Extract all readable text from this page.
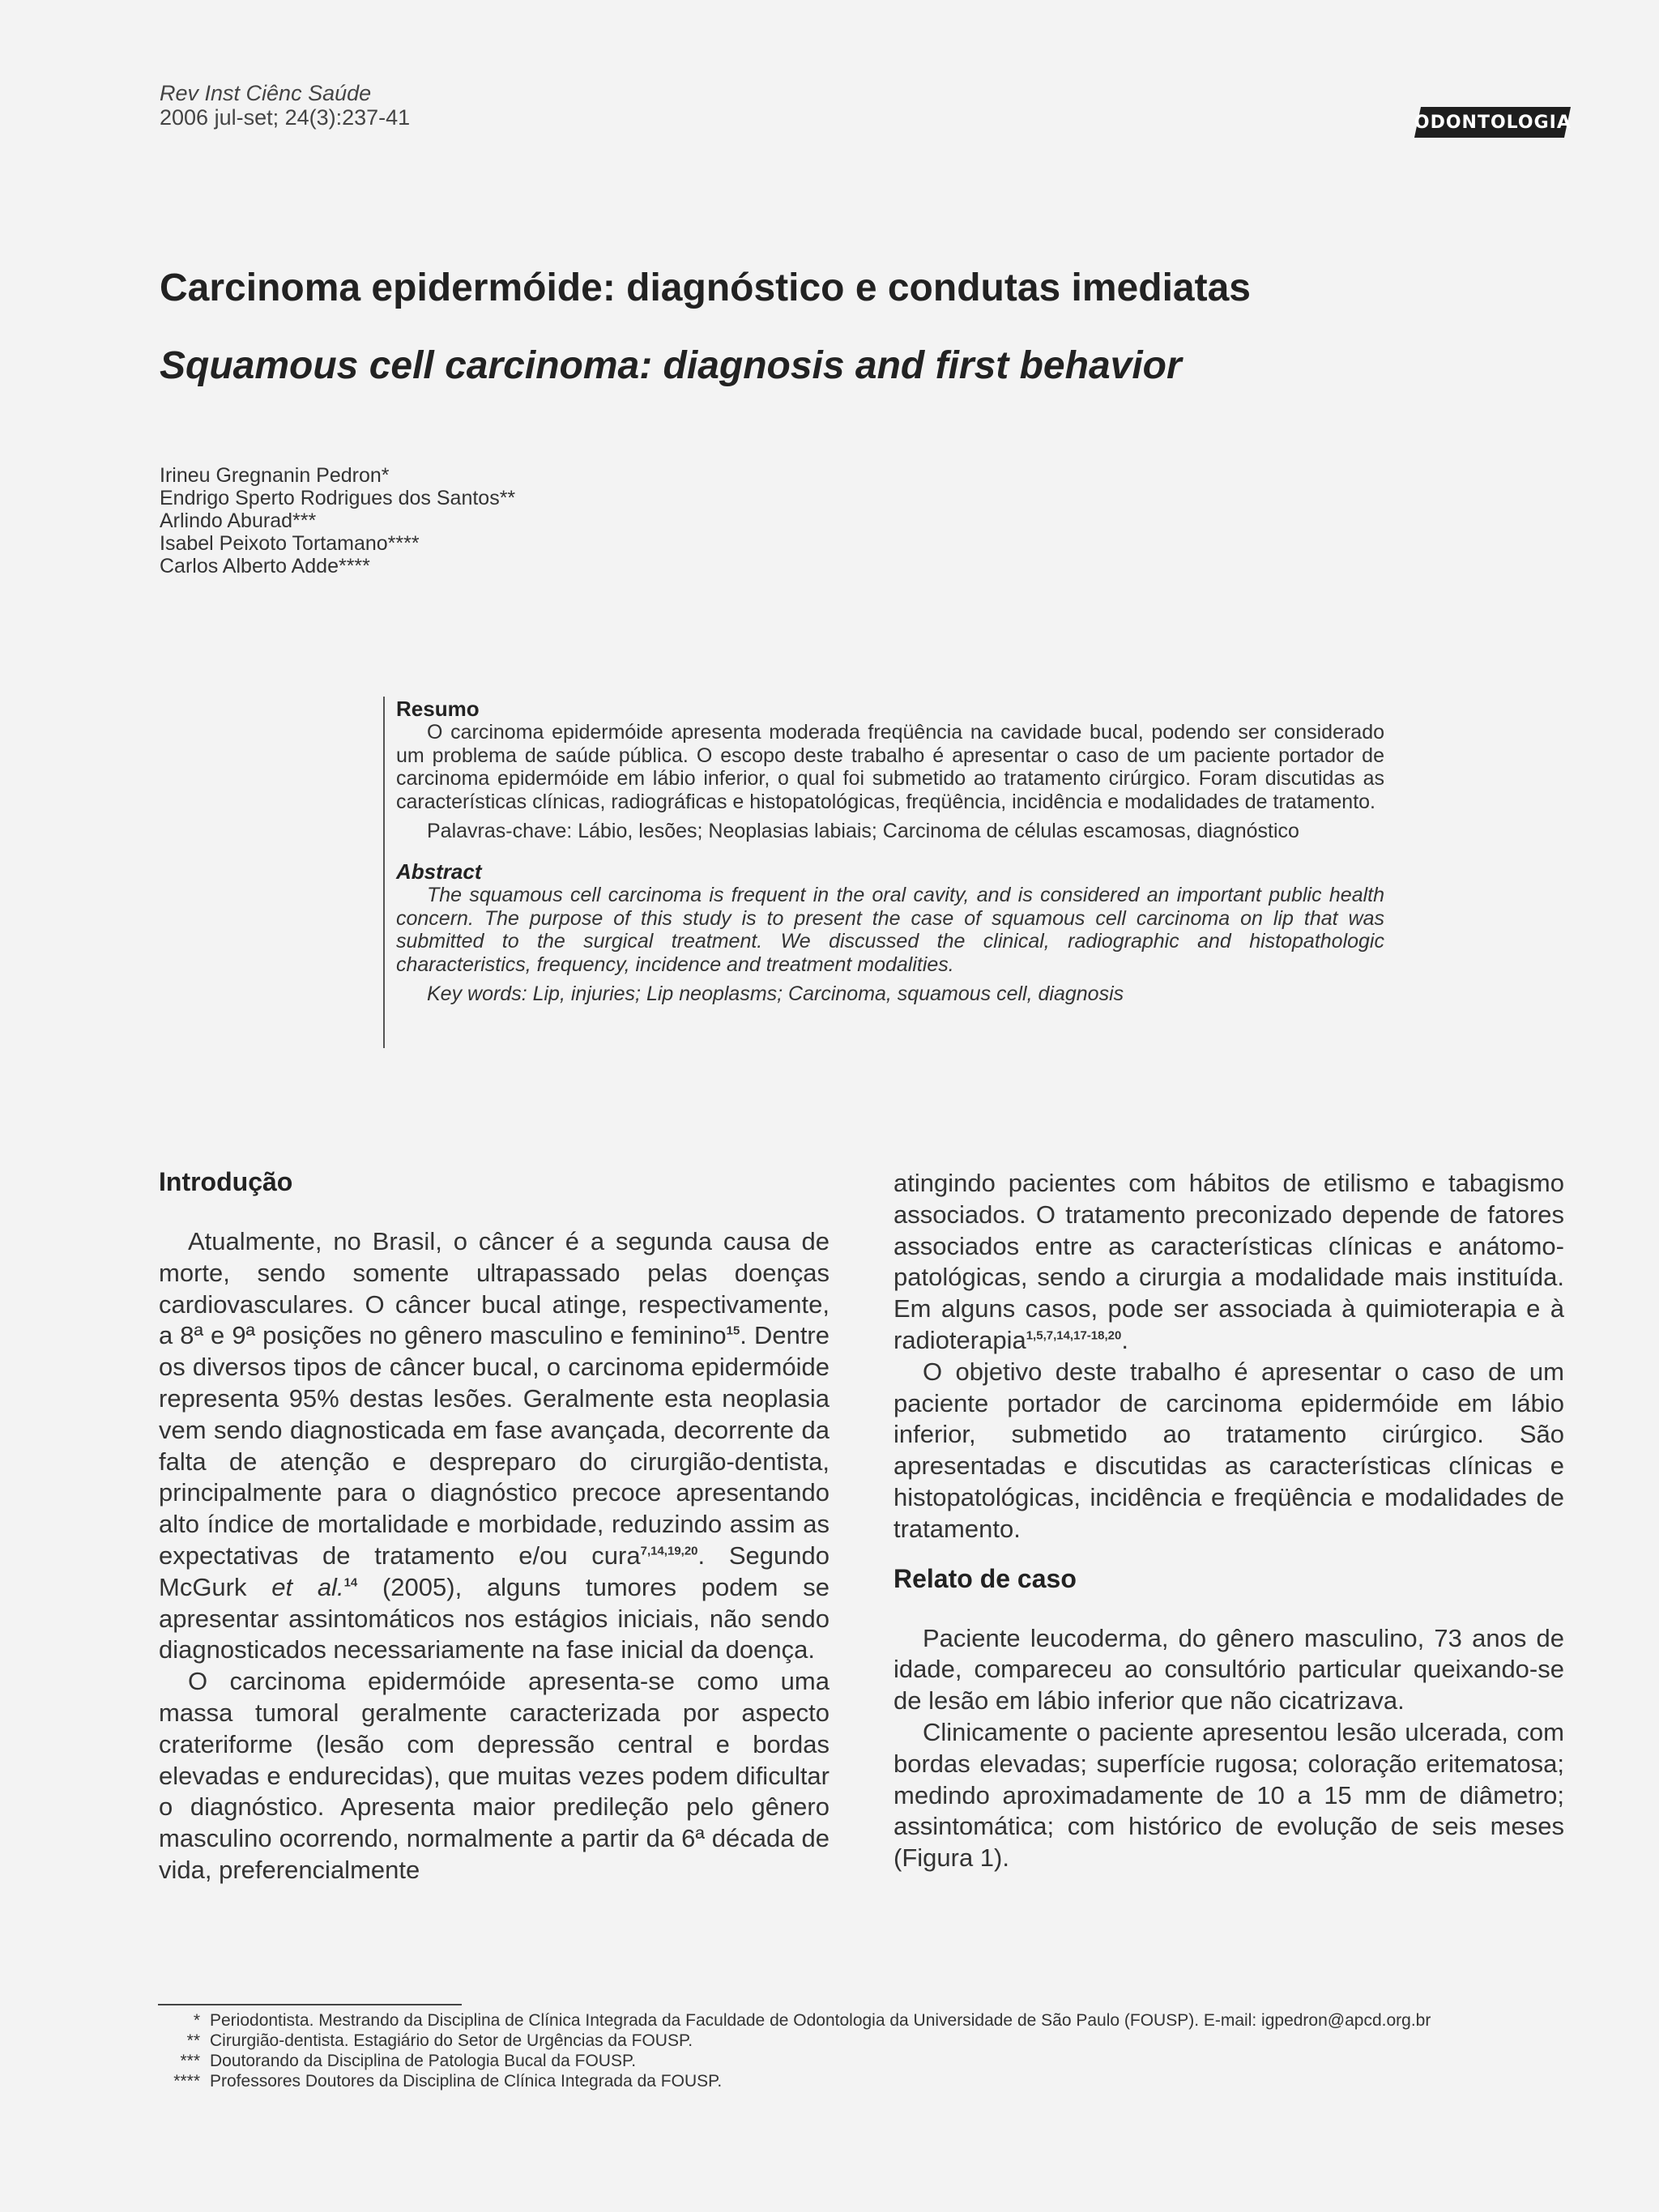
Rev Inst Ciênc Saúde
2006 jul-set; 24(3):237-41	ODONTOLOGIA
Carcinoma epidermóide: diagnóstico e condutas imediatas
Squamous cell carcinoma: diagnosis and first behavior
Irineu Gregnanin Pedron*
Endrigo Sperto Rodrigues dos Santos**
Arlindo Aburad***
Isabel Peixoto Tortamano****
Carlos Alberto Adde****
Resumo

O carcinoma epidermóide apresenta moderada freqüência na cavidade bucal, podendo ser considerado um problema de saúde pública. O escopo deste trabalho é apresentar o caso de um paciente portador de carcinoma epidermóide em lábio inferior, o qual foi submetido ao tratamento cirúrgico. Foram discutidas as características clínicas, radiográficas e histopatológicas, freqüência, incidência e modalidades de tratamento.

Palavras-chave: Lábio, lesões; Neoplasias labiais; Carcinoma de células escamosas, diagnóstico

Abstract

The squamous cell carcinoma is frequent in the oral cavity, and is considered an important public health concern. The purpose of this study is to present the case of squamous cell carcinoma on lip that was submitted to the surgical treatment. We discussed the clinical, radiographic and histopathologic characteristics, frequency, incidence and treatment modalities.

Key words: Lip, injuries; Lip neoplasms; Carcinoma, squamous cell, diagnosis

Introdução

Atualmente, no Brasil, o câncer é a segunda causa de morte, sendo somente ultrapassado pelas doenças cardiovasculares. O câncer bucal atinge, respectivamente, a 8ª e 9ª posições no gênero masculino e feminino$^{15}$. Dentre os diversos tipos de câncer bucal, o carcinoma epidermóide representa 95% destas lesões. Geralmente esta neoplasia vem sendo diagnosticada em fase avançada, decorrente da falta de atenção e despreparo do cirurgião-dentista, principalmente para o diagnóstico precoce apresentando alto índice de mortalidade e morbidade, reduzindo assim as expectativas de tratamento e/ou cura$^{7,14,19,20}$. Segundo McGurk et al.$^{14}$ (2005), alguns tumores podem se apresentar assintomáticos nos estágios iniciais, não sendo diagnosticados necessariamente na fase inicial da doença.

O carcinoma epidermóide apresenta-se como uma massa tumoral geralmente caracterizada por aspecto crateriforme (lesão com depressão central e bordas elevadas e endurecidas), que muitas vezes podem dificultar o diagnóstico. Apresenta maior predileção pelo gênero masculino ocorrendo, normalmente a partir da 6ª década de vida, preferencialmente

atingindo pacientes com hábitos de etilismo e tabagismo associados. O tratamento preconizado depende de fatores associados entre as características clínicas e anátomo-patológicas, sendo a cirurgia a modalidade mais instituída. Em alguns casos, pode ser associada à quimioterapia e à radioterapia$^{1,5,7,14,17-18,20}$.

O objetivo deste trabalho é apresentar o caso de um paciente portador de carcinoma epidermóide em lábio inferior, submetido ao tratamento cirúrgico. São apresentadas e discutidas as características clínicas e histopatológicas, incidência e freqüência e modalidades de tratamento.

Relato de caso

Paciente leucoderma, do gênero masculino, 73 anos de idade, compareceu ao consultório particular queixando-se de lesão em lábio inferior que não cicatrizava.

Clinicamente o paciente apresentou lesão ulcerada, com bordas elevadas; superfície rugosa; coloração eritematosa; medindo aproximadamente de 10 a 15 mm de diâmetro; assintomática; com histórico de evolução de seis meses (Figura 1).

* Periodontista. Mestrando da Disciplina de Clínica Integrada da Faculdade de Odontologia da Universidade de São Paulo (FOUSP). E-mail: igpedron@apcd.org.br
** Cirurgião-dentista. Estagiário do Setor de Urgências da FOUSP.
*** Doutorando da Disciplina de Patologia Bucal da FOUSP.
**** Professores Doutores da Disciplina de Clínica Integrada da FOUSP.
